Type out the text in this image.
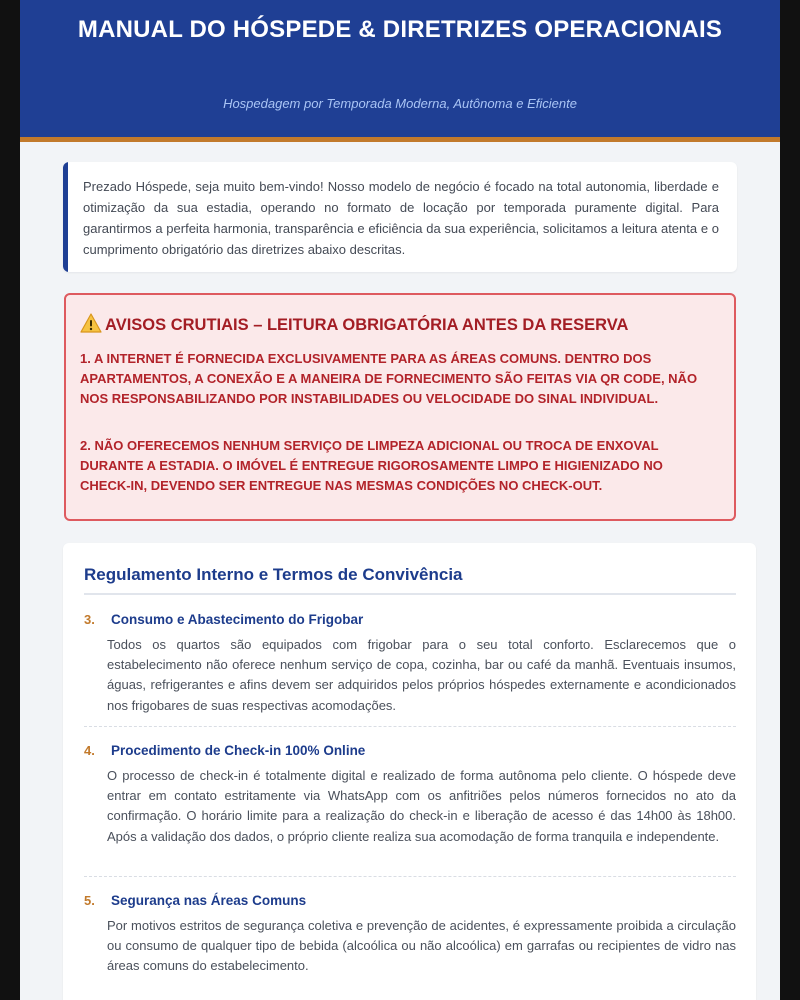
MANUAL DO HÓSPEDE & DIRETRIZES OPERACIONAIS
Hospedagem por Temporada Moderna, Autônoma e Eficiente
Prezado Hóspede, seja muito bem-vindo! Nosso modelo de negócio é focado na total autonomia, liberdade e otimização da sua estadia, operando no formato de locação por temporada puramente digital. Para garantirmos a perfeita harmonia, transparência e eficiência da sua experiência, solicitamos a leitura atenta e o cumprimento obrigatório das diretrizes abaixo descritas.
AVISOS CRUTIAIS – LEITURA OBRIGATÓRIA ANTES DA RESERVA
1. A INTERNET É FORNECIDA EXCLUSIVAMENTE PARA AS ÁREAS COMUNS. DENTRO DOS APARTAMENTOS, A CONEXÃO E A MANEIRA DE FORNECIMENTO SÃO FEITAS VIA QR CODE, NÃO NOS RESPONSABILIZANDO POR INSTABILIDADES OU VELOCIDADE DO SINAL INDIVIDUAL.
2. NÃO OFERECEMOS NENHUM SERVIÇO DE LIMPEZA ADICIONAL OU TROCA DE ENXOVAL DURANTE A ESTADIA. O IMÓVEL É ENTREGUE RIGOROSAMENTE LIMPO E HIGIENIZADO NO CHECK-IN, DEVENDO SER ENTREGUE NAS MESMAS CONDIÇÕES NO CHECK-OUT.
Regulamento Interno e Termos de Convivência
3. Consumo e Abastecimento do Frigobar
Todos os quartos são equipados com frigobar para o seu total conforto. Esclarecemos que o estabelecimento não oferece nenhum serviço de copa, cozinha, bar ou café da manhã. Eventuais insumos, águas, refrigerantes e afins devem ser adquiridos pelos próprios hóspedes externamente e acondicionados nos frigobares de suas respectivas acomodações.
4. Procedimento de Check-in 100% Online
O processo de check-in é totalmente digital e realizado de forma autônoma pelo cliente. O hóspede deve entrar em contato estritamente via WhatsApp com os anfitriões pelos números fornecidos no ato da confirmação. O horário limite para a realização do check-in e liberação de acesso é das 14h00 às 18h00. Após a validação dos dados, o próprio cliente realiza sua acomodação de forma tranquila e independente.
5. Segurança nas Áreas Comuns
Por motivos estritos de segurança coletiva e prevenção de acidentes, é expressamente proibida a circulação ou consumo de qualquer tipo de bebida (alcoólica ou não alcoólica) em garrafas ou recipientes de vidro nas áreas comuns do estabelecimento.
